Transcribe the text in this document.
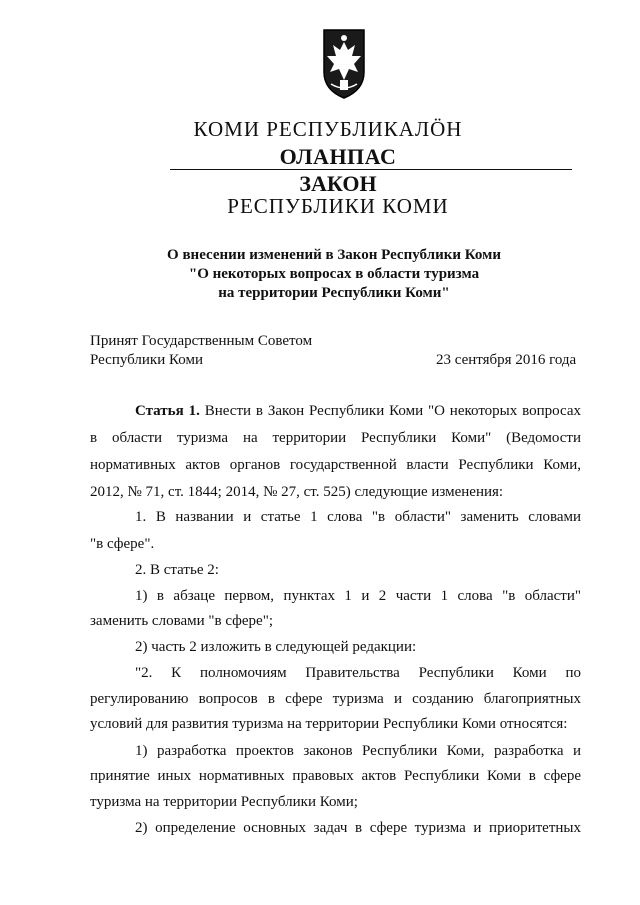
КОМИ РЕСПУБЛИКАЛÖН
ОЛАНПАС
ЗАКОН
РЕСПУБЛИКИ КОМИ
О внесении изменений в Закон Республики Коми
"О некоторых вопросах в области туризма
на территории Республики Коми"
Принят Государственным Советом
Республики Коми	23 сентября 2016 года
Статья 1. Внести в Закон Республики Коми "О некоторых вопросах
в области туризма на территории Республики Коми" (Ведомости
нормативных актов органов государственной власти Республики Коми,
2012, № 71, ст. 1844; 2014, № 27, ст. 525) следующие изменения:
1. В названии и статье 1 слова "в области" заменить словами
"в сфере".
2. В статье 2:
1) в абзаце первом, пунктах 1 и 2 части 1 слова "в области"
заменить словами "в сфере";
2) часть 2 изложить в следующей редакции:
"2. К полномочиям Правительства Республики Коми по
регулированию вопросов в сфере туризма и созданию благоприятных
условий для развития туризма на территории Республики Коми относятся:
1) разработка проектов законов Республики Коми, разработка и
принятие иных нормативных правовых актов Республики Коми в сфере
туризма на территории Республики Коми;
2) определение основных задач в сфере туризма и приоритетных
